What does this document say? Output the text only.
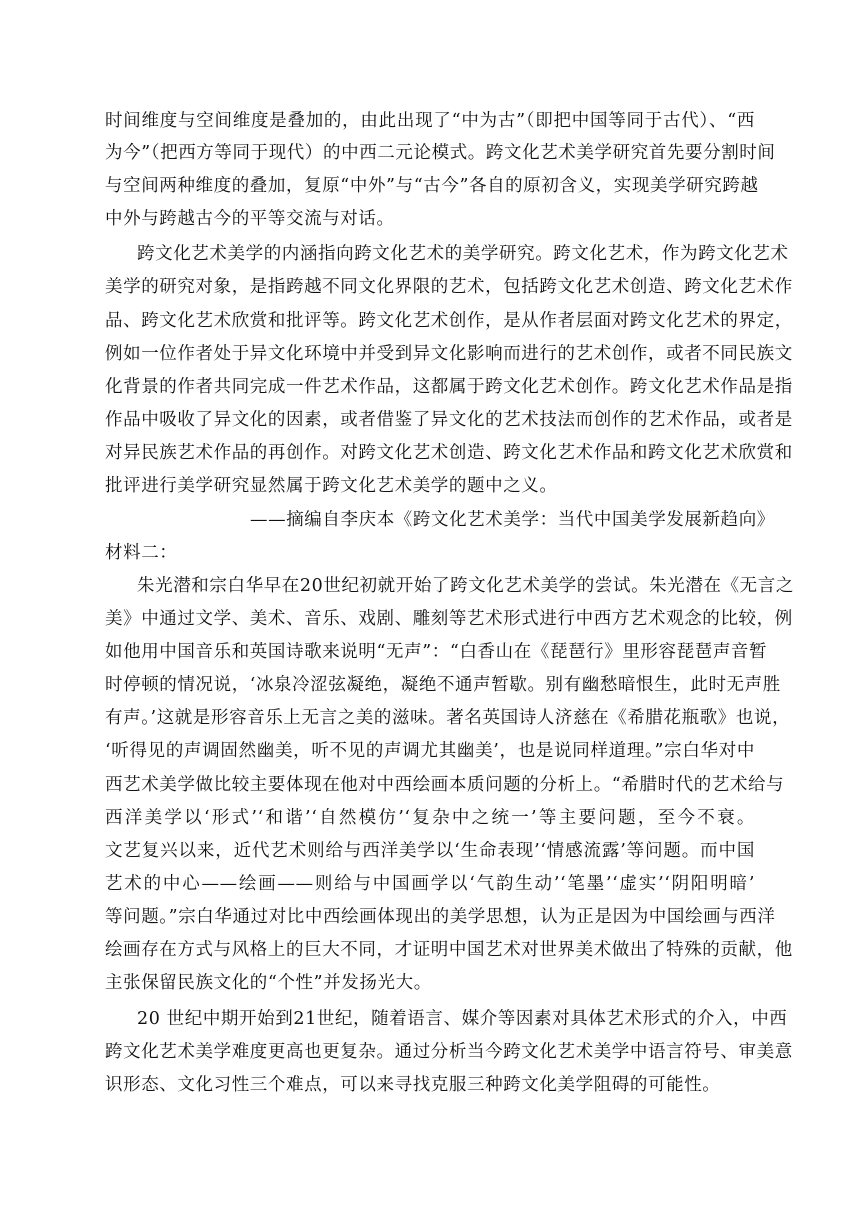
时间维度与空间维度是叠加的，由此出现了“中为古”（即把中国等同于古代）、“西
为今”（把西方等同于现代）的中西二元论模式。跨文化艺术美学研究首先要分割时间
与空间两种维度的叠加，复原“中外”与“古今”各自的原初含义，实现美学研究跨越
中外与跨越古今的平等交流与对话。
跨文化艺术美学的内涵指向跨文化艺术的美学研究。跨文化艺术，作为跨文化艺术
美学的研究对象，是指跨越不同文化界限的艺术，包括跨文化艺术创造、跨文化艺术作
品、跨文化艺术欣赏和批评等。跨文化艺术创作，是从作者层面对跨文化艺术的界定，
例如一位作者处于异文化环境中并受到异文化影响而进行的艺术创作，或者不同民族文
化背景的作者共同完成一件艺术作品，这都属于跨文化艺术创作。跨文化艺术作品是指
作品中吸收了异文化的因素，或者借鉴了异文化的艺术技法而创作的艺术作品，或者是
对异民族艺术作品的再创作。对跨文化艺术创造、跨文化艺术作品和跨文化艺术欣赏和
批评进行美学研究显然属于跨文化艺术美学的题中之义。
——摘编自李庆本《跨文化艺术美学：当代中国美学发展新趋向》
材料二：
朱光潜和宗白华早在20世纪初就开始了跨文化艺术美学的尝试。朱光潜在《无言之
美》中通过文学、美术、音乐、戏剧、雕刻等艺术形式进行中西方艺术观念的比较，例
如他用中国音乐和英国诗歌来说明“无声”：“白香山在《琵琶行》里形容琵琶声音暂
时停顿的情况说，‘冰泉冷涩弦凝绝，凝绝不通声暂歇。别有幽愁暗恨生，此时无声胜
有声。’这就是形容音乐上无言之美的滋味。著名英国诗人济慈在《希腊花瓶歌》也说，
‘听得见的声调固然幽美，听不见的声调尤其幽美’，也是说同样道理。”宗白华对中
西艺术美学做比较主要体现在他对中西绘画本质问题的分析上。“希腊时代的艺术给与
西洋美学以‘形式’‘和谐’‘自然模仿’‘复杂中之统一’等主要问题，至今不衰。
文艺复兴以来，近代艺术则给与西洋美学以‘生命表现’‘情感流露’等问题。而中国
艺术的中心——绘画——则给与中国画学以‘气韵生动’‘笔墨’‘虚实’‘阴阳明暗’
等问题。”宗白华通过对比中西绘画体现出的美学思想，认为正是因为中国绘画与西洋
绘画存在方式与风格上的巨大不同，才证明中国艺术对世界美术做出了特殊的贡献，他
主张保留民族文化的“个性”并发扬光大。
20 世纪中期开始到21世纪，随着语言、媒介等因素对具体艺术形式的介入，中西
跨文化艺术美学难度更高也更复杂。通过分析当今跨文化艺术美学中语言符号、审美意
识形态、文化习性三个难点，可以来寻找克服三种跨文化美学阻碍的可能性。
